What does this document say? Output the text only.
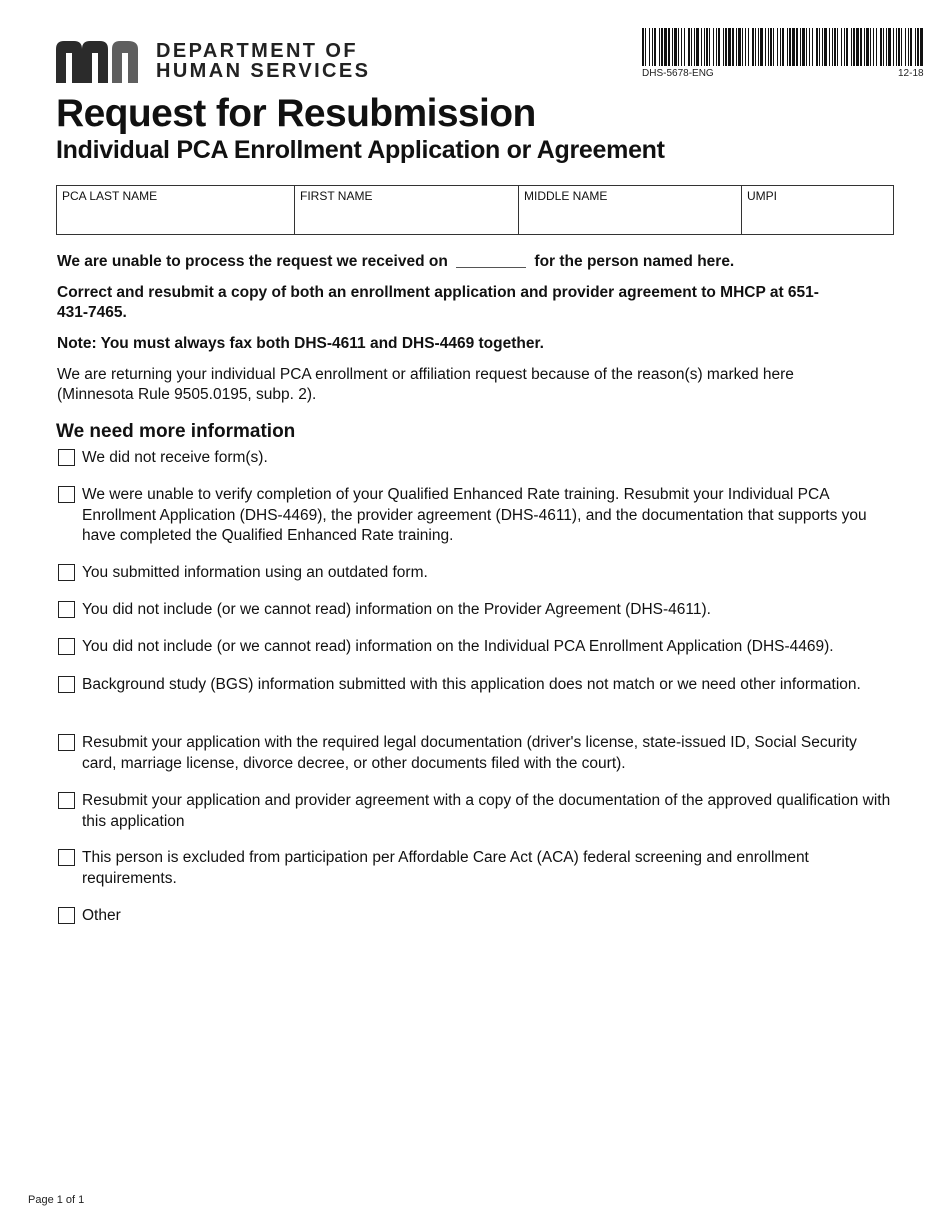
DEPARTMENT OF
HUMAN SERVICES	DHS-5678-ENG	12-18
Request for Resubmission
Individual PCA Enrollment Application or Agreement
PCA LAST NAME	FIRST NAME	MIDDLE NAME	UMPI

We are unable to process the request we received on	for the person named here.

Correct and resubmit a copy of both an enrollment application and provider agreement to MHCP at 651-431-7465.

Note: You must always fax both DHS-4611 and DHS-4469 together.

We are returning your individual PCA enrollment or affiliation request because of the reason(s) marked here (Minnesota Rule 9505.0195, subp. 2).

We need more information
We did not receive form(s).
We were unable to verify completion of your Qualified Enhanced Rate training. Resubmit your Individual PCA Enrollment Application (DHS-4469), the provider agreement (DHS-4611), and the documentation that supports you have completed the Qualified Enhanced Rate training.
You submitted information using an outdated form.
You did not include (or we cannot read) information on the Provider Agreement (DHS-4611).
You did not include (or we cannot read) information on the Individual PCA Enrollment Application (DHS-4469).
Background study (BGS) information submitted with this application does not match or we need other information.
Resubmit your application with the required legal documentation (driver's license, state-issued ID, Social Security card, marriage license, divorce decree, or other documents filed with the court).
Resubmit your application and provider agreement with a copy of the documentation of the approved qualification with this application
This person is excluded from participation per Affordable Care Act (ACA) federal screening and enrollment requirements.
Other
Page 1 of 1
